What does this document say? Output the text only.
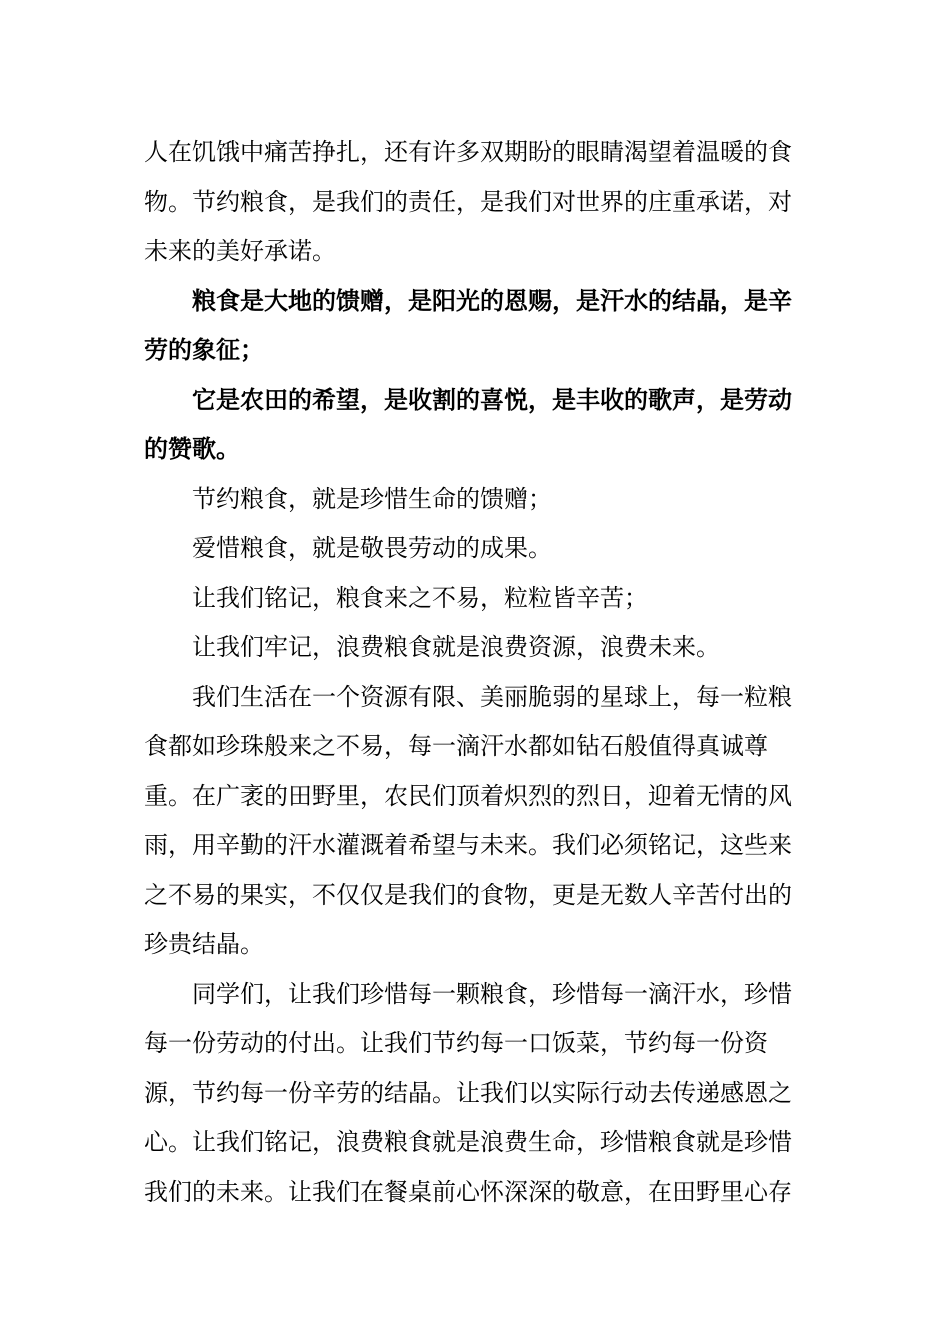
人在饥饿中痛苦挣扎，还有许多双期盼的眼睛渴望着温暖的食
物。节约粮食，是我们的责任，是我们对世界的庄重承诺，对
未来的美好承诺。
粮食是大地的馈赠，是阳光的恩赐，是汗水的结晶，是辛
劳的象征；
它是农田的希望，是收割的喜悦，是丰收的歌声，是劳动
的赞歌。
节约粮食，就是珍惜生命的馈赠；
爱惜粮食，就是敬畏劳动的成果。
让我们铭记，粮食来之不易，粒粒皆辛苦；
让我们牢记，浪费粮食就是浪费资源，浪费未来。
我们生活在一个资源有限、美丽脆弱的星球上，每一粒粮
食都如珍珠般来之不易，每一滴汗水都如钻石般值得真诚尊
重。在广袤的田野里，农民们顶着炽烈的烈日，迎着无情的风
雨，用辛勤的汗水灌溉着希望与未来。我们必须铭记，这些来
之不易的果实，不仅仅是我们的食物，更是无数人辛苦付出的
珍贵结晶。
同学们，让我们珍惜每一颗粮食，珍惜每一滴汗水，珍惜
每一份劳动的付出。让我们节约每一口饭菜，节约每一份资
源，节约每一份辛劳的结晶。让我们以实际行动去传递感恩之
心。让我们铭记，浪费粮食就是浪费生命，珍惜粮食就是珍惜
我们的未来。让我们在餐桌前心怀深深的敬意，在田野里心存
